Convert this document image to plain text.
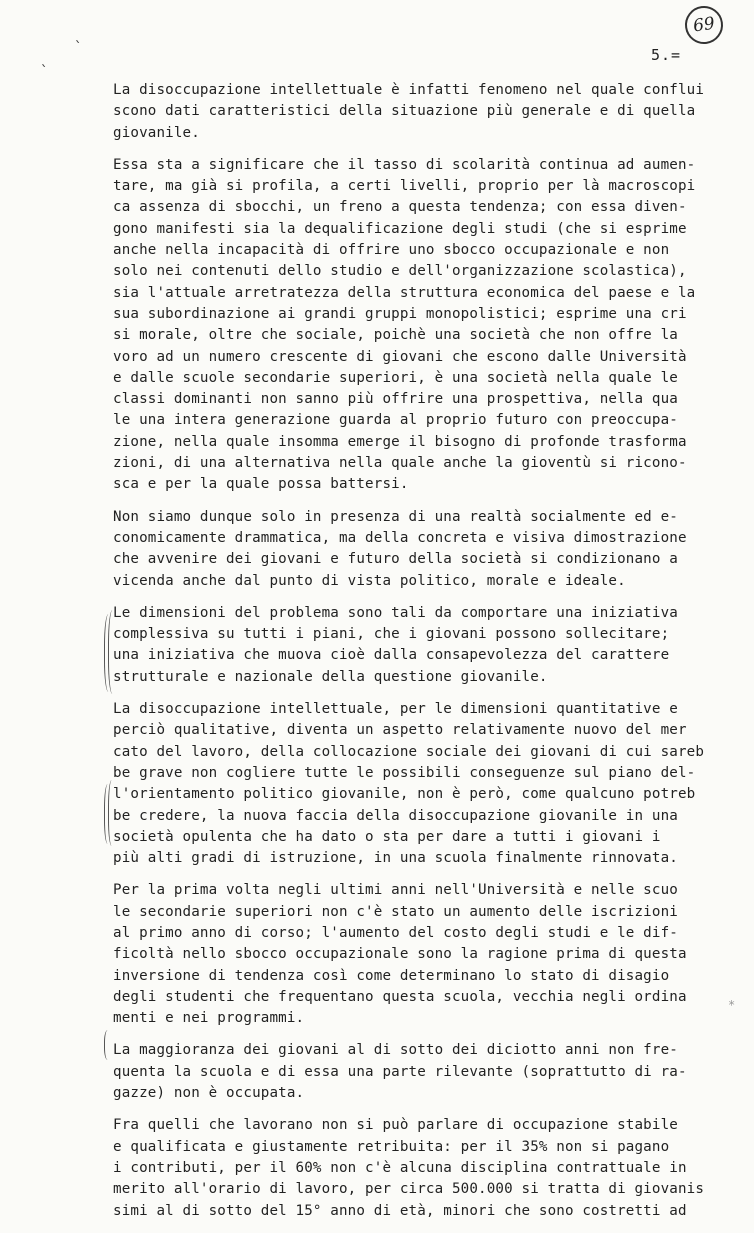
69
5.=
`
`

La disoccupazione intellettuale è infatti fenomeno nel quale conflui
scono dati caratteristici della situazione più generale e di quella
giovanile.

Essa sta a significare che il tasso di scolarità continua ad aumen-
tare, ma già si profila, a certi livelli, proprio per là macroscopi
ca assenza di sbocchi, un freno a questa tendenza; con essa diven-
gono manifesti sia la dequalificazione degli studi (che si esprime
anche nella incapacità di offrire uno sbocco occupazionale e non
solo nei contenuti dello studio e dell'organizzazione scolastica),
sia l'attuale arretratezza della struttura economica del paese e la
sua subordinazione ai grandi gruppi monopolistici; esprime una cri
si morale, oltre che sociale, poichè una società che non offre la
voro ad un numero crescente di giovani che escono dalle Università
e dalle scuole secondarie superiori, è una società nella quale le
classi dominanti non sanno più offrire una prospettiva, nella qua
le una intera generazione guarda al proprio futuro con preoccupa-
zione, nella quale insomma emerge il bisogno di profonde trasforma
zioni, di una alternativa nella quale anche la gioventù si ricono-
sca e per la quale possa battersi.

Non siamo dunque solo in presenza di una realtà socialmente ed e-
conomicamente drammatica, ma della concreta e visiva dimostrazione
che avvenire dei giovani e futuro della società si condizionano a
vicenda anche dal punto di vista politico, morale e ideale.

Le dimensioni del problema sono tali da comportare una iniziativa
complessiva su tutti i piani, che i giovani possono sollecitare;
una iniziativa che muova cioè dalla consapevolezza del carattere
strutturale e nazionale della questione giovanile.

La disoccupazione intellettuale, per le dimensioni quantitative e
perciò qualitative, diventa un aspetto relativamente nuovo del mer
cato del lavoro, della collocazione sociale dei giovani di cui sareb
be grave non cogliere tutte le possibili conseguenze sul piano del-
l'orientamento politico giovanile, non è però, come qualcuno potreb
be credere, la nuova faccia della disoccupazione giovanile in una
società opulenta che ha dato o sta per dare a tutti i giovani i
più alti gradi di istruzione, in una scuola finalmente rinnovata.

Per la prima volta negli ultimi anni nell'Università e nelle scuo
le secondarie superiori non c'è stato un aumento delle iscrizioni
al primo anno di corso; l'aumento del costo degli studi e le dif-
ficoltà nello sbocco occupazionale sono la ragione prima di questa
inversione di tendenza così come determinano lo stato di disagio
degli studenti che frequentano questa scuola, vecchia negli ordina
menti e nei programmi.

La maggioranza dei giovani al di sotto dei diciotto anni non fre-
quenta la scuola e di essa una parte rilevante (soprattutto di ra-
gazze) non è occupata.

Fra quelli che lavorano non si può parlare di occupazione stabile
e qualificata e giustamente retribuita: per il 35% non si pagano
i contributi, per il 60% non c'è alcuna disciplina contrattuale in
merito all'orario di lavoro, per circa 500.000 si tratta di giovanis
simi al di sotto del 15° anno di età, minori che sono costretti ad

*
